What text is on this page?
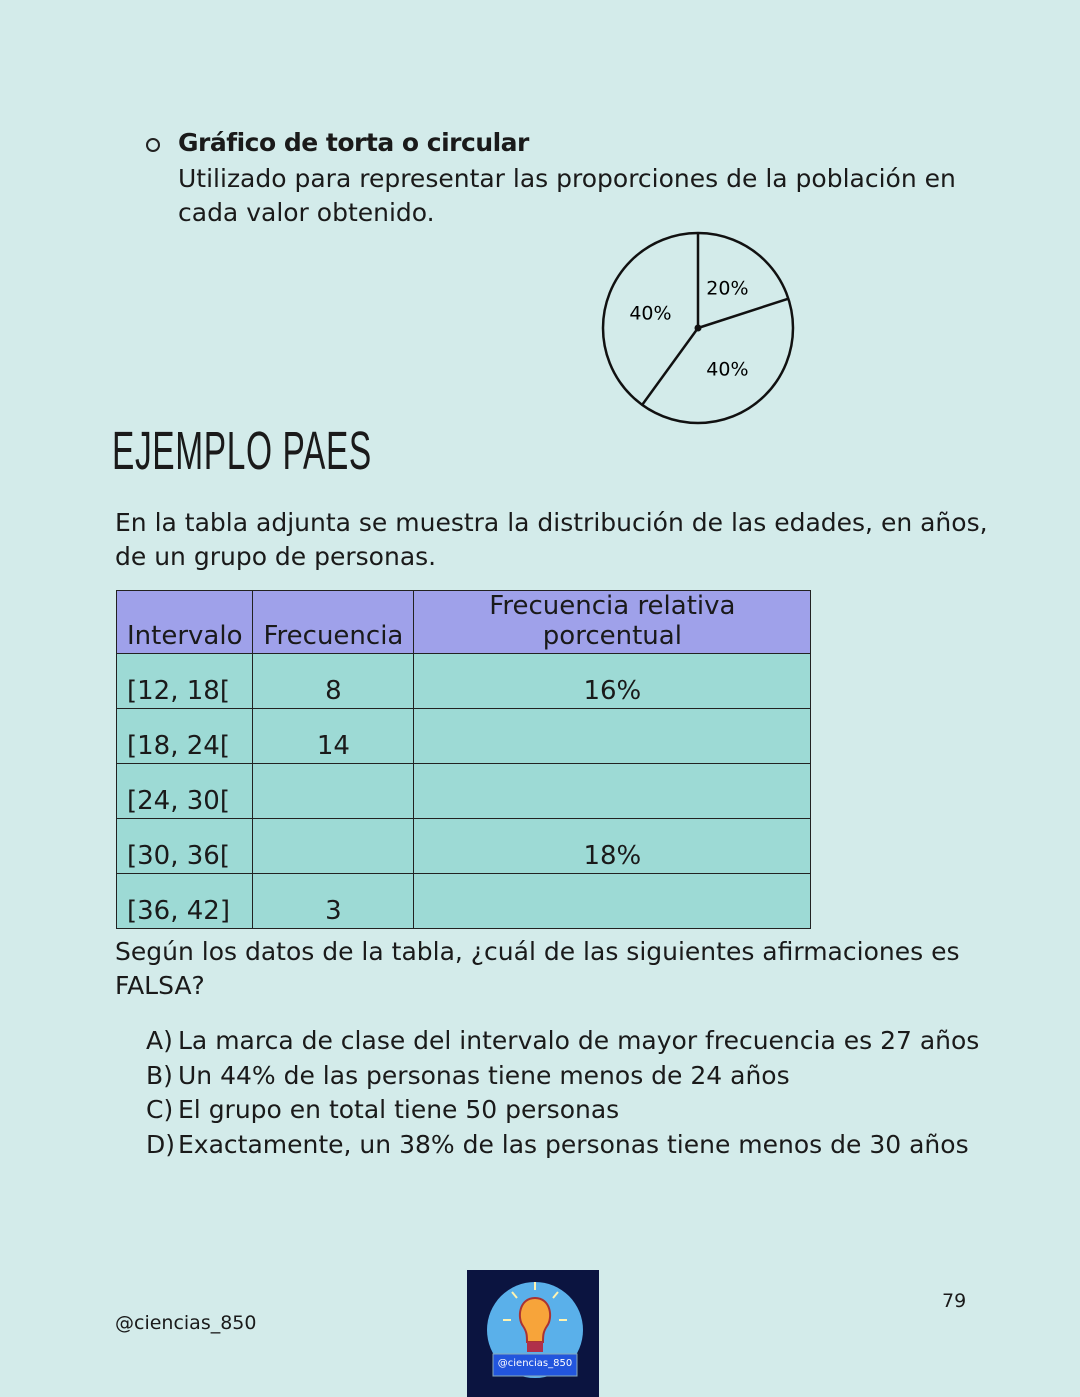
Gráfico de torta o circular
Utilizado para representar las proporciones de la población en
cada valor obtenido.
20%
40%
40%
EJEMPLO PAES
En la tabla adjunta se muestra la distribución de las edades, en años,
de un grupo de personas.
Intervalo	Frecuencia	Frecuencia relativa porcentual
[12, 18[	8	16%
[18, 24[	14	
[24, 30[		
[30, 36[		18%
[36, 42]	3	
Según los datos de la tabla, ¿cuál de las siguientes afirmaciones es
FALSA?
A) La marca de clase del intervalo de mayor frecuencia es 27 años
B) Un 44% de las personas tiene menos de 24 años
C) El grupo en total tiene 50 personas
D) Exactamente, un 38% de las personas tiene menos de 30 años
@ciencias_850
79
@ciencias_850
